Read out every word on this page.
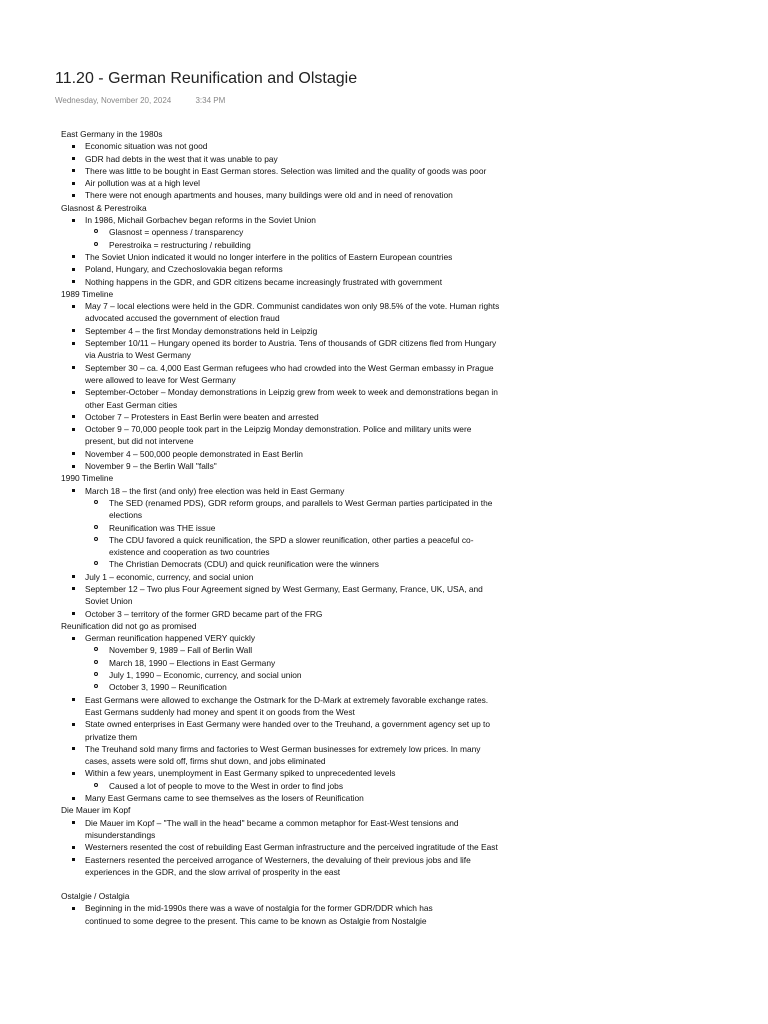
11.20 - German Reunification and Olstagie
Wednesday, November 20, 2024	3:34 PM
East Germany in the 1980s
Economic situation was not good
GDR had debts in the west that it was unable to pay
There was little to be bought in East German stores. Selection was limited and the quality of goods was poor
Air pollution was at a high level
There were not enough apartments and houses, many buildings were old and in need of renovation
Glasnost & Perestroika
In 1986, Michail Gorbachev began reforms in the Soviet Union
Glasnost = openness / transparency
Perestroika = restructuring / rebuilding
The Soviet Union indicated it would no longer interfere in the politics of Eastern European countries
Poland, Hungary, and Czechoslovakia began reforms
Nothing happens in the GDR, and GDR citizens became increasingly frustrated with government
1989 Timeline
May 7 – local elections were held in the GDR. Communist candidates won only 98.5% of the vote. Human rights advocated accused the government of election fraud
September 4 – the first Monday demonstrations held in Leipzig
September 10/11 – Hungary opened its border to Austria. Tens of thousands of GDR citizens fled from Hungary via Austria to West Germany
September 30 – ca. 4,000 East German refugees who had crowded into the West German embassy in Prague were allowed to leave for West Germany
September-October – Monday demonstrations in Leipzig grew from week to week and demonstrations began in other East German cities
October 7 – Protesters in East Berlin were beaten and arrested
October 9 – 70,000 people took part in the Leipzig Monday demonstration. Police and military units were present, but did not intervene
November 4 – 500,000 people demonstrated in East Berlin
November 9 – the Berlin Wall "falls"
1990 Timeline
March 18 – the first (and only) free election was held in East Germany
The SED (renamed PDS), GDR reform groups, and parallels to West German parties participated in the elections
Reunification was THE issue
The CDU favored a quick reunification, the SPD a slower reunification, other parties a peaceful co-existence and cooperation as two countries
The Christian Democrats (CDU) and quick reunification were the winners
July 1 – economic, currency, and social union
September 12 – Two plus Four Agreement signed by West Germany, East Germany, France, UK, USA, and Soviet Union
October 3 – territory of the former GRD became part of the FRG
Reunification did not go as promised
German reunification happened VERY quickly
November 9, 1989 – Fall of Berlin Wall
March 18, 1990 – Elections in East Germany
July 1, 1990 – Economic, currency, and social union
October 3, 1990 – Reunification
East Germans were allowed to exchange the Ostmark for the D-Mark at extremely favorable exchange rates. East Germans suddenly had money and spent it on goods from the West
State owned enterprises in East Germany were handed over to the Treuhand, a government agency set up to privatize them
The Treuhand sold many firms and factories to West German businesses for extremely low prices. In many cases, assets were sold off, firms shut down, and jobs eliminated
Within a few years, unemployment in East Germany spiked to unprecedented levels
Caused a lot of people to move to the West in order to find jobs
Many East Germans came to see themselves as the losers of Reunification
Die Mauer im Kopf
Die Mauer im Kopf – "The wall in the head" became a common metaphor for East-West tensions and misunderstandings
Westerners resented the cost of rebuilding East German infrastructure and the perceived ingratitude of the East
Easterners resented the perceived arrogance of Westerners, the devaluing of their previous jobs and life experiences in the GDR, and the slow arrival of prosperity in the east
Ostalgie / Ostalgia
Beginning in the mid-1990s there was a wave of nostalgia for the former GDR/DDR which has
continued to some degree to the present. This came to be known as Ostalgie from Nostalgie
